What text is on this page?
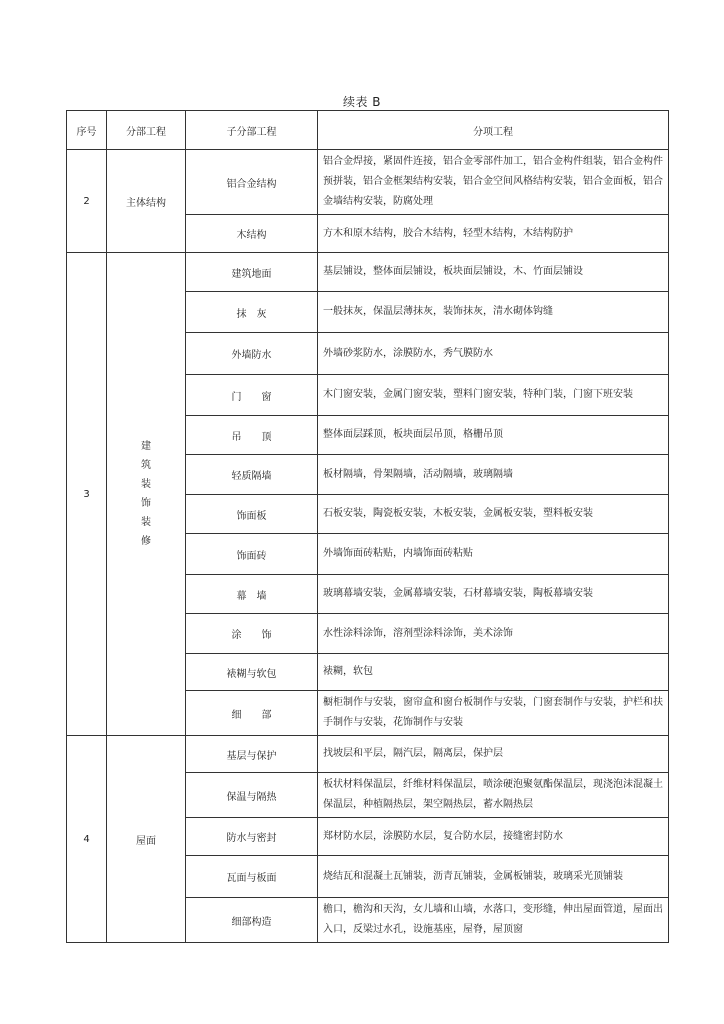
续表 B
序号	分部工程	子分部工程	分项工程
2	主体结构	铝合金结构	铝合金焊接，紧固件连接，铝合金零部件加工，铝合金构件组装，铝合金构件预拼装，铝合金框架结构安装，铝合金空间风格结构安装，铝合金面板，铝合金墙结构安装，防腐处理
		木结构	方木和原木结构，胶合木结构，轻型木结构，木结构防护
3	建筑装饰装修	建筑地面	基层铺设，整体面层铺设，板块面层铺设，木、竹面层铺设
		抹　灰	一般抹灰，保温层薄抹灰，装饰抹灰，清水砌体钩缝
		外墙防水	外墙砂浆防水，涂膜防水，秀气膜防水
		门　　窗	木门窗安装，金属门窗安装，塑料门窗安装，特种门装，门窗下班安装
		吊　　顶	整体面层踩顶，板块面层吊顶，格栅吊顶
		轻质隔墙	板材隔墙，骨架隔墙，活动隔墙，玻璃隔墙
		饰面板	石板安装，陶瓷板安装，木板安装，金属板安装，塑料板安装
		饰面砖	外墙饰面砖粘贴，内墙饰面砖粘贴
		幕　墙	玻璃幕墙安装，金属幕墙安装，石材幕墙安装，陶板幕墙安装
		涂　　饰	水性涂料涂饰，溶剂型涂料涂饰，美术涂饰
		裱糊与软包	裱糊，软包
		细　　部	橱柜制作与安装，窗帘盒和窗台板制作与安装，门窗套制作与安装，护栏和扶手制作与安装，花饰制作与安装
4	屋面	基层与保护	找坡层和平层，隔汽层，隔离层，保护层
		保温与隔热	板状材料保温层，纤维材料保温层，喷涂硬泡聚氨酯保温层，现浇泡沫混凝土保温层，种植隔热层，架空隔热层，蓄水隔热层
		防水与密封	郑材防水层，涂膜防水层，复合防水层，接缝密封防水
		瓦面与板面	烧结瓦和混凝土瓦铺装，沥青瓦铺装，金属板铺装，玻璃采光顶铺装
		细部构造	檐口，檐沟和天沟，女儿墙和山墙，水落口，变形缝，伸出屋面管道，屋面出入口，反梁过水孔，设施基座，屋脊，屋顶窗
